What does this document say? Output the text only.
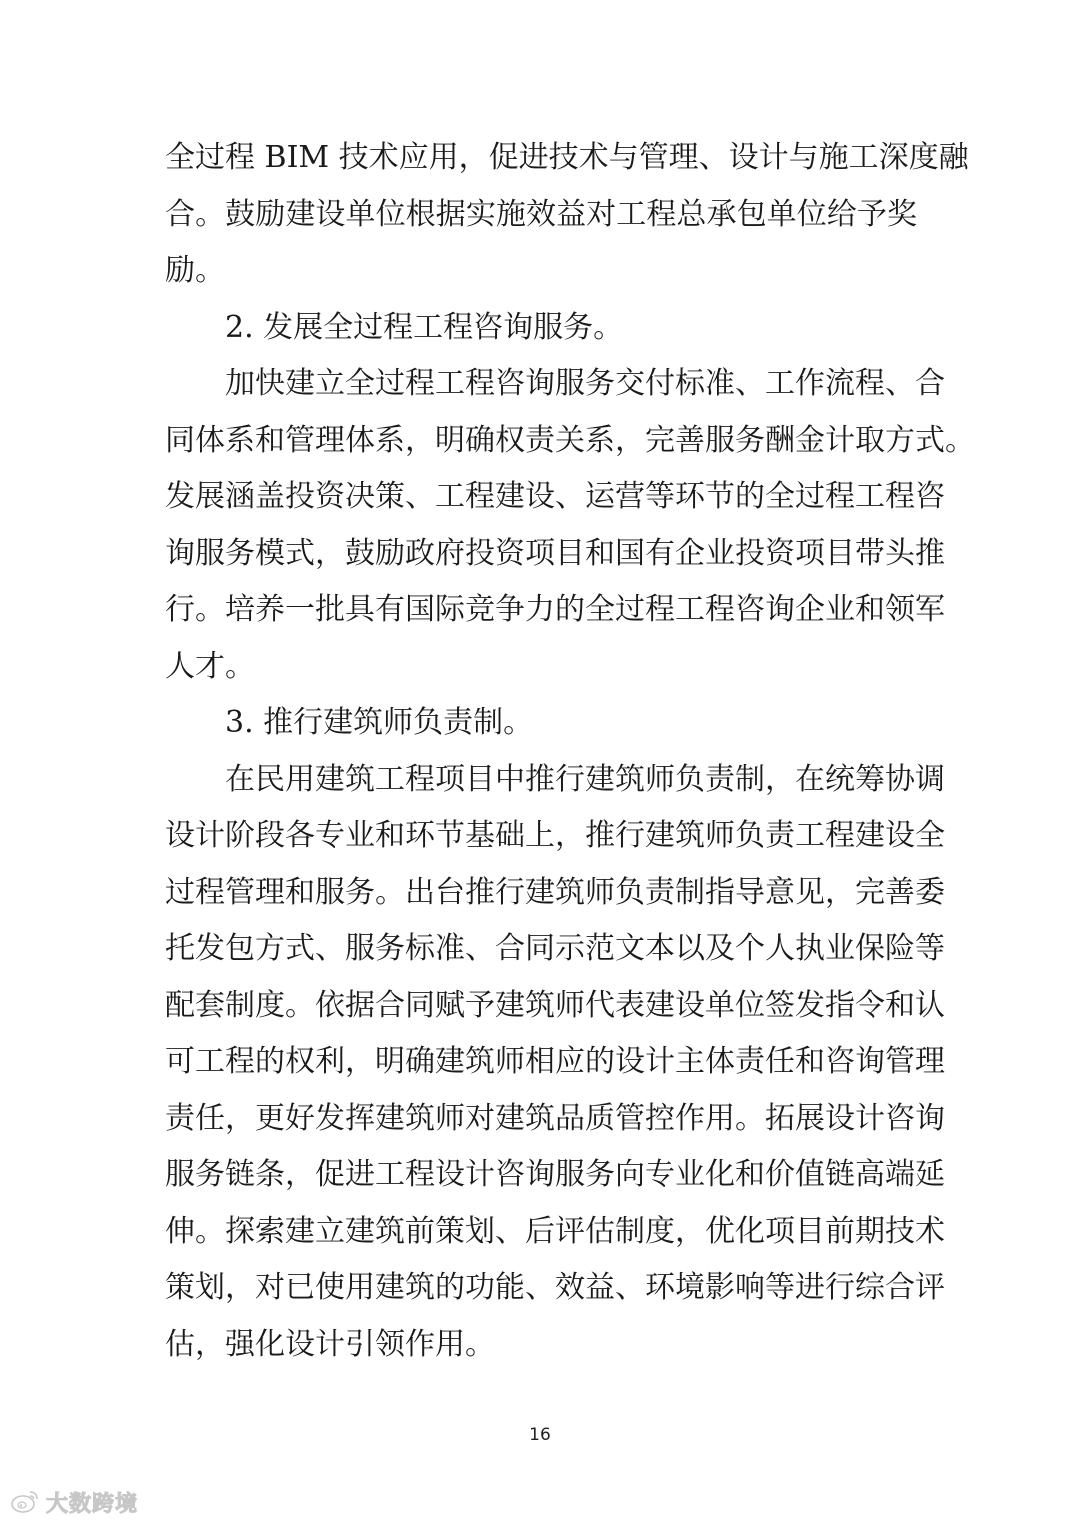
全过程 BIM 技术应用，促进技术与管理、设计与施工深度融
合。鼓励建设单位根据实施效益对工程总承包单位给予奖
励。
2. 发展全过程工程咨询服务。
加快建立全过程工程咨询服务交付标准、工作流程、合
同体系和管理体系，明确权责关系，完善服务酬金计取方式。
发展涵盖投资决策、工程建设、运营等环节的全过程工程咨
询服务模式，鼓励政府投资项目和国有企业投资项目带头推
行。培养一批具有国际竞争力的全过程工程咨询企业和领军
人才。
3. 推行建筑师负责制。
在民用建筑工程项目中推行建筑师负责制，在统筹协调
设计阶段各专业和环节基础上，推行建筑师负责工程建设全
过程管理和服务。出台推行建筑师负责制指导意见，完善委
托发包方式、服务标准、合同示范文本以及个人执业保险等
配套制度。依据合同赋予建筑师代表建设单位签发指令和认
可工程的权利，明确建筑师相应的设计主体责任和咨询管理
责任，更好发挥建筑师对建筑品质管控作用。拓展设计咨询
服务链条，促进工程设计咨询服务向专业化和价值链高端延
伸。探索建立建筑前策划、后评估制度，优化项目前期技术
策划，对已使用建筑的功能、效益、环境影响等进行综合评
估，强化设计引领作用。
16
大数跨境
